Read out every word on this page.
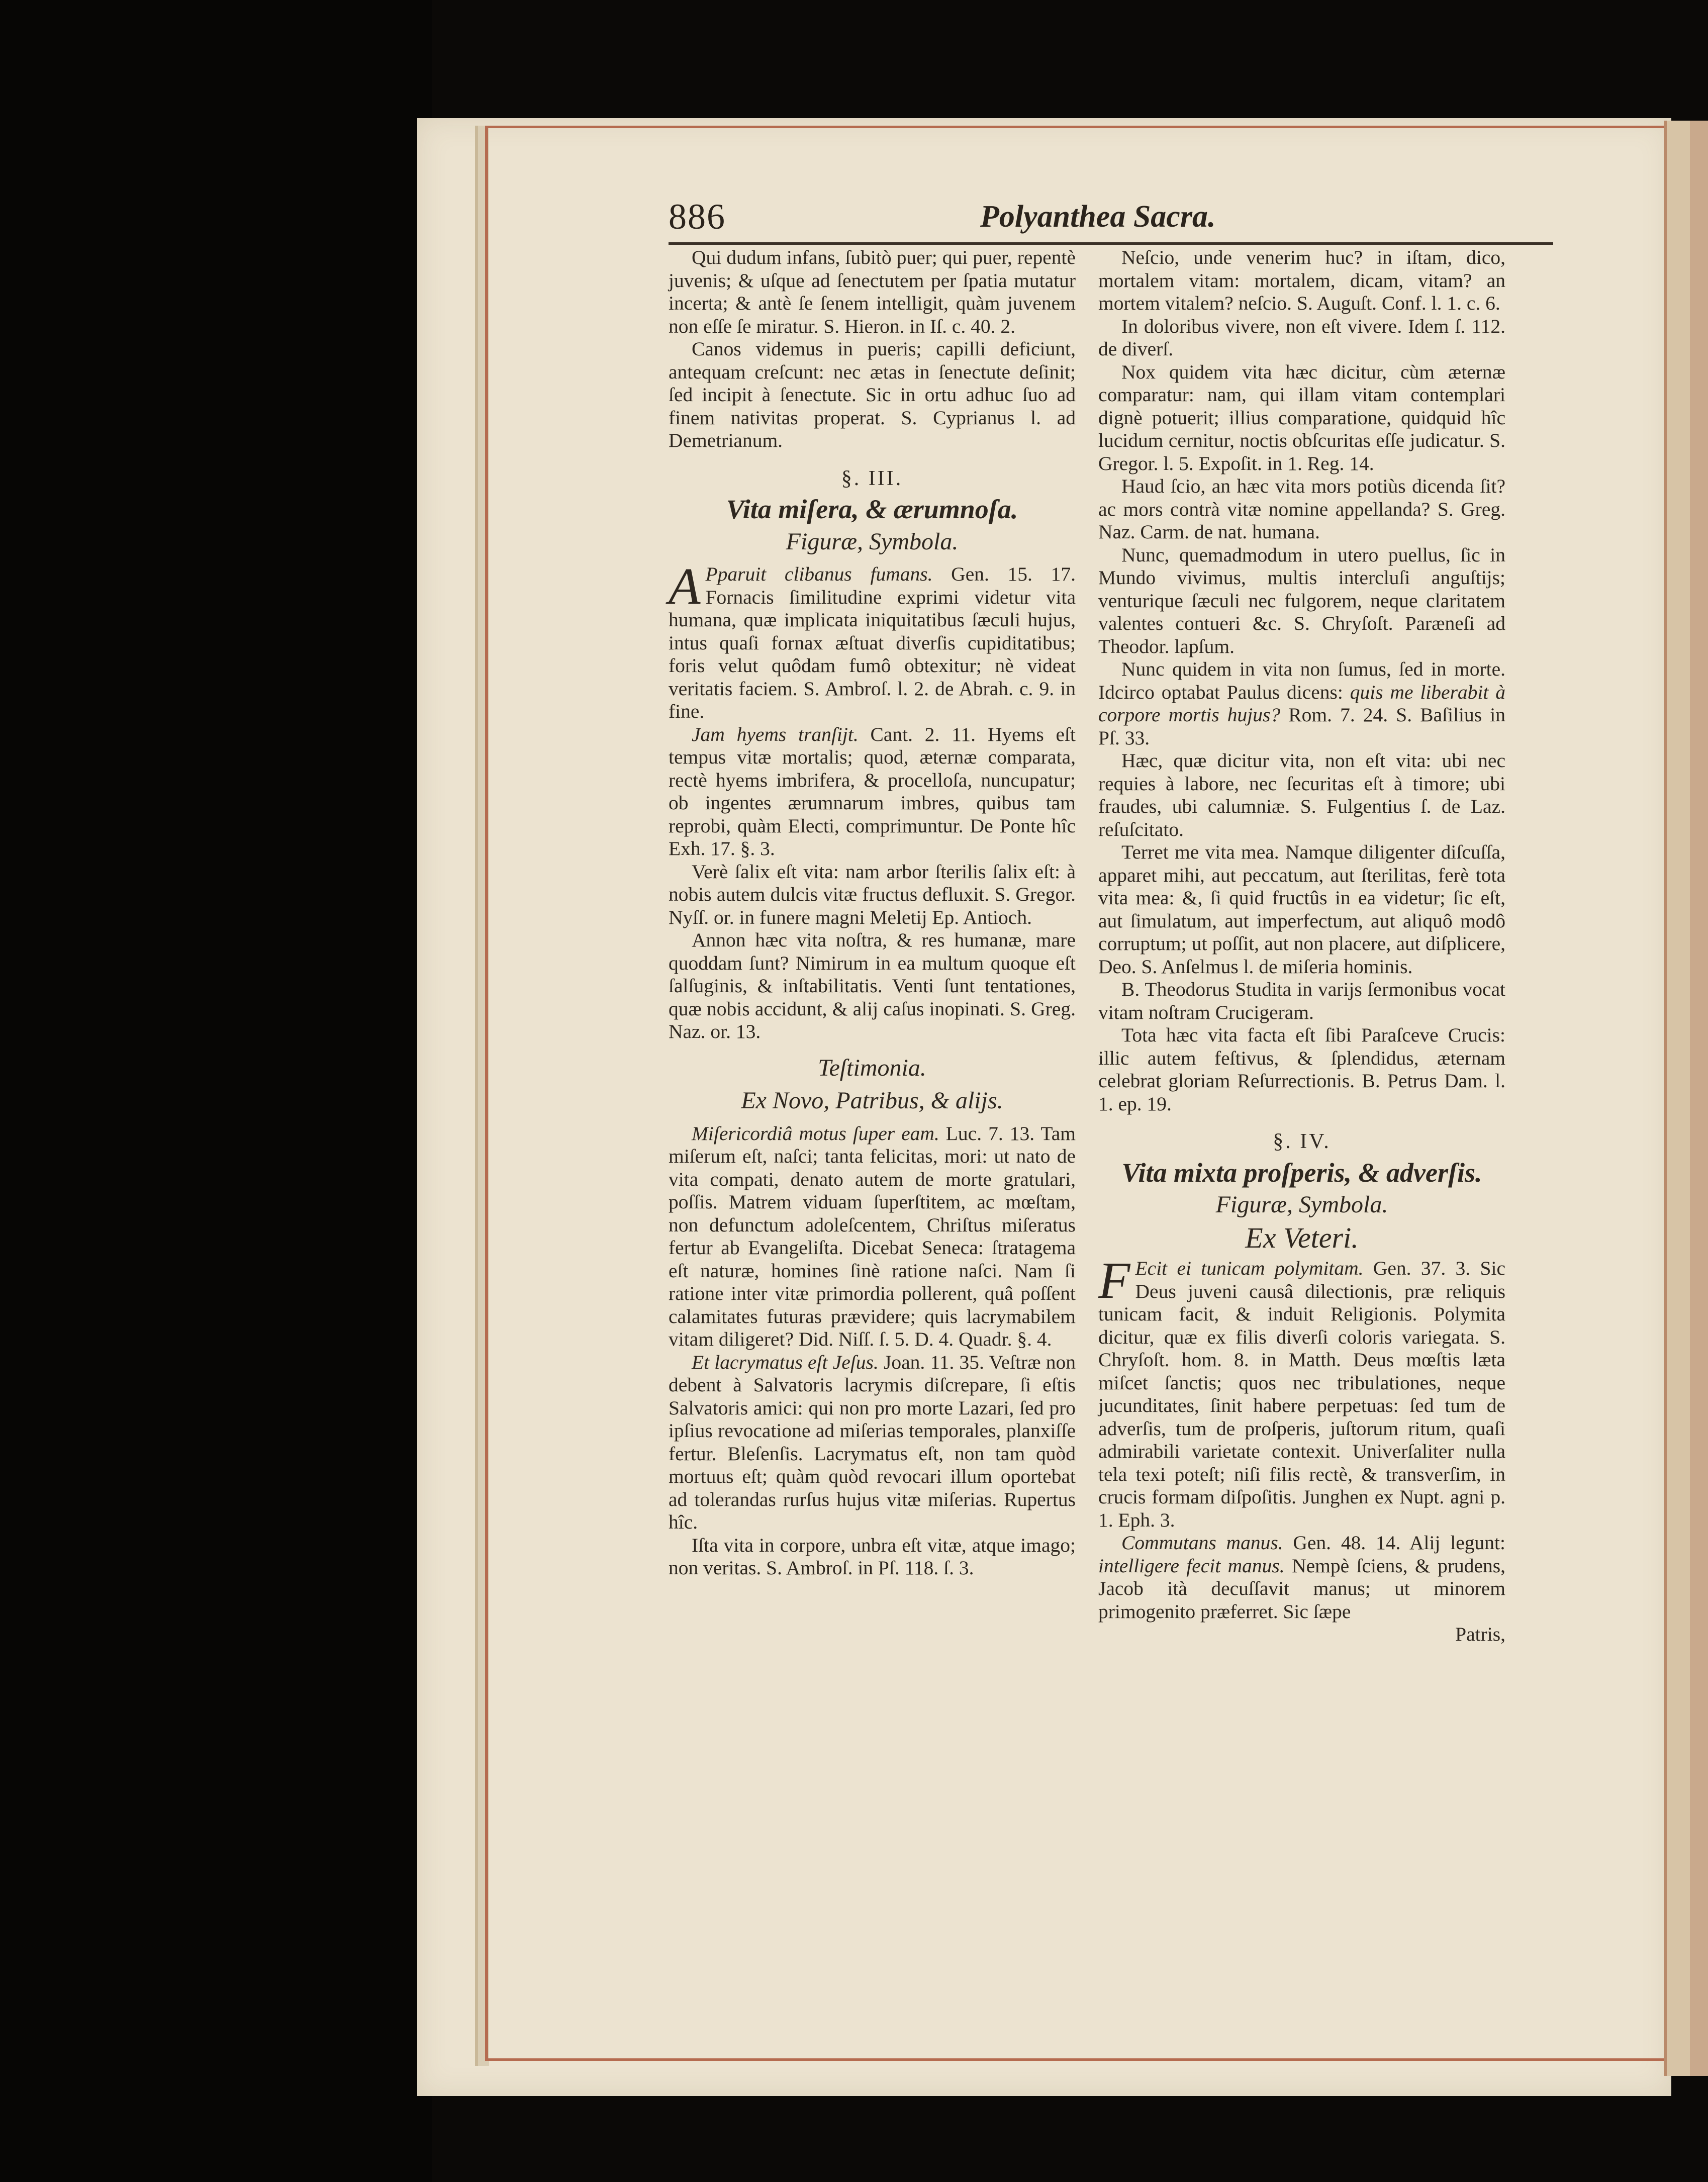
886	Polyanthea Sacra.

Qui dudum infans, ſubitò puer; qui puer, repentè juvenis; & uſque ad ſenectutem per ſpatia mutatur incerta; & antè ſe ſenem intelligit, quàm juvenem non eſſe ſe miratur. S. Hieron. in Iſ. c. 40. 2.

Canos videmus in pueris; capilli deficiunt, antequam creſcunt: nec ætas in ſenectute deſinit; ſed incipit à ſenectute. Sic in ortu adhuc ſuo ad finem nativitas properat. S. Cyprianus l. ad Demetrianum.

§. III.
Vita miſera, & ærumnoſa.
Figuræ, Symbola.

A Pparuit clibanus fumans. Gen. 15. 17. Fornacis ſimilitudine exprimi videtur vita humana, quæ implicata iniquitatibus ſæculi hujus, intus quaſi fornax æſtuat diverſis cupiditatibus; foris velut quôdam fumô obtexitur; nè videat veritatis faciem. S. Ambroſ. l. 2. de Abrah. c. 9. in fine.

Jam hyems tranſijt. Cant. 2. 11. Hyems eſt tempus vitæ mortalis; quod, æternæ comparata, rectè hyems imbrifera, & procelloſa, nuncupatur; ob ingentes ærumnarum imbres, quibus tam reprobi, quàm Electi, comprimuntur. De Ponte hîc Exh. 17. §. 3.

Verè ſalix eſt vita: nam arbor ſterilis ſalix eſt: à nobis autem dulcis vitæ fructus defluxit. S. Gregor. Nyſſ. or. in funere magni Meletij Ep. Antioch.

Annon hæc vita noſtra, & res humanæ, mare quoddam ſunt? Nimirum in ea multum quoque eſt ſalſuginis, & inſtabilitatis. Venti ſunt tentationes, quæ nobis accidunt, & alij caſus inopinati. S. Greg. Naz. or. 13.

Teſtimonia.
Ex Novo, Patribus, & alijs.

Miſericordiâ motus ſuper eam. Luc. 7. 13. Tam miſerum eſt, naſci; tanta felicitas, mori: ut nato de vita compati, denato autem de morte gratulari, poſſis. Matrem viduam ſuperſtitem, ac mœſtam, non defunctum adoleſcentem, Chriſtus miſeratus fertur ab Evangeliſta. Dicebat Seneca: ſtratagema eſt naturæ, homines ſinè ratione naſci. Nam ſi ratione inter vitæ primordia pollerent, quâ poſſent calamitates futuras prævidere; quis lacrymabilem vitam diligeret? Did. Niſſ. ſ. 5. D. 4. Quadr. §. 4.

Et lacrymatus eſt Jeſus. Joan. 11. 35. Veſtræ non debent à Salvatoris lacrymis diſcrepare, ſi eſtis Salvatoris amici: qui non pro morte Lazari, ſed pro ipſius revocatione ad miſerias temporales, planxiſſe fertur. Bleſenſis. Lacrymatus eſt, non tam quòd mortuus eſt; quàm quòd revocari illum oportebat ad tolerandas rurſus hujus vitæ miſerias. Rupertus hîc.

Iſta vita in corpore, unbra eſt vitæ, atque imago; non veritas. S. Ambroſ. in Pſ. 118. ſ. 3.

Neſcio, unde venerim huc? in iſtam, dico, mortalem vitam: mortalem, dicam, vitam? an mortem vitalem? neſcio. S. Auguſt. Conf. l. 1. c. 6.

In doloribus vivere, non eſt vivere. Idem ſ. 112. de diverſ.

Nox quidem vita hæc dicitur, cùm æternæ comparatur: nam, qui illam vitam contemplari dignè potuerit; illius comparatione, quidquid hîc lucidum cernitur, noctis obſcuritas eſſe judicatur. S. Gregor. l. 5. Expoſit. in 1. Reg. 14.

Haud ſcio, an hæc vita mors potiùs dicenda ſit? ac mors contrà vitæ nomine appellanda? S. Greg. Naz. Carm. de nat. humana.

Nunc, quemadmodum in utero puellus, ſic in Mundo vivimus, multis intercluſi anguſtijs; venturique ſæculi nec fulgorem, neque claritatem valentes contueri &c. S. Chryſoſt. Paræneſi ad Theodor. lapſum.

Nunc quidem in vita non ſumus, ſed in morte. Idcirco optabat Paulus dicens: quis me liberabit à corpore mortis hujus? Rom. 7. 24. S. Baſilius in Pſ. 33.

Hæc, quæ dicitur vita, non eſt vita: ubi nec requies à labore, nec ſecuritas eſt à timore; ubi fraudes, ubi calumniæ. S. Fulgentius ſ. de Laz. reſuſcitato.

Terret me vita mea. Namque diligenter diſcuſſa, apparet mihi, aut peccatum, aut ſterilitas, ferè tota vita mea: &, ſi quid fructûs in ea videtur; ſic eſt, aut ſimulatum, aut imperfectum, aut aliquô modô corruptum; ut poſſit, aut non placere, aut diſplicere, Deo. S. Anſelmus l. de miſeria hominis.

B. Theodorus Studita in varijs ſermonibus vocat vitam noſtram Crucigeram.

Tota hæc vita facta eſt ſibi Paraſceve Crucis: illic autem feſtivus, & ſplendidus, æternam celebrat gloriam Reſurrectionis. B. Petrus Dam. l. 1. ep. 19.

§. IV.
Vita mixta proſperis, & adverſis.
Figuræ, Symbola.
Ex Veteri.

F Ecit ei tunicam polymitam. Gen. 37. 3. Sic Deus juveni causâ dilectionis, præ reliquis tunicam facit, & induit Religionis. Polymita dicitur, quæ ex filis diverſi coloris variegata. S. Chryſoſt. hom. 8. in Matth. Deus mœſtis læta miſcet ſanctis; quos nec tribulationes, neque jucunditates, ſinit habere perpetuas: ſed tum de adverſis, tum de proſperis, juſtorum ritum, quaſi admirabili varietate contexit. Univerſaliter nulla tela texi poteſt; niſi filis rectè, & transverſim, in crucis formam diſpoſitis. Junghen ex Nupt. agni p. 1. Eph. 3.

Commutans manus. Gen. 48. 14. Alij legunt: intelligere fecit manus. Nempè ſciens, & prudens, Jacob ità decuſſavit manus; ut minorem primogenito præferret. Sic ſæpe

Patris,
